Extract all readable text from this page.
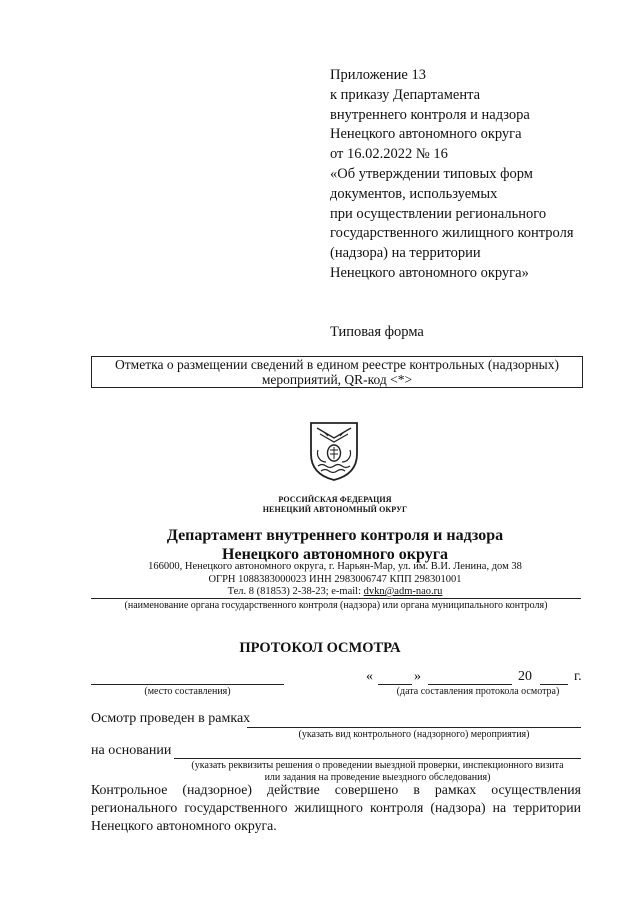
Приложение 13
к приказу Департамента
внутреннего контроля и надзора
Ненецкого автономного округа
от 16.02.2022 № 16
«Об утверждении типовых форм
документов, используемых
при осуществлении регионального
государственного жилищного контроля
(надзора) на территории
Ненецкого автономного округа»
Типовая форма
Отметка о размещении сведений в едином реестре контрольных (надзорных)
мероприятий, QR-код <*>
РОССИЙСКАЯ ФЕДЕРАЦИЯ
НЕНЕЦКИЙ АВТОНОМНЫЙ ОКРУГ
Департамент внутреннего контроля и надзора
Ненецкого автономного округа
166000, Ненецкого автономного округа, г. Нарьян-Мар, ул. им. В.И. Ленина, дом 38
ОГРН 1088383000023 ИНН 2983006747 КПП 298301001
Тел. 8 (81853) 2-38-23; e-mail: dvkn@adm-nao.ru
(наименование органа государственного контроля (надзора) или органа муниципального контроля)
ПРОТОКОЛ ОСМОТРА
(место составления)
«	»	20	г.
(дата составления протокола осмотра)
Осмотр проведен в рамках
(указать вид контрольного (надзорного) мероприятия)
на основании
(указать реквизиты решения о проведении выездной проверки, инспекционного визита
или задания на проведение выездного обследования)
Контрольное (надзорное) действие совершено в рамках осуществления регионального государственного жилищного контроля (надзора) на территории Ненецкого автономного округа.
